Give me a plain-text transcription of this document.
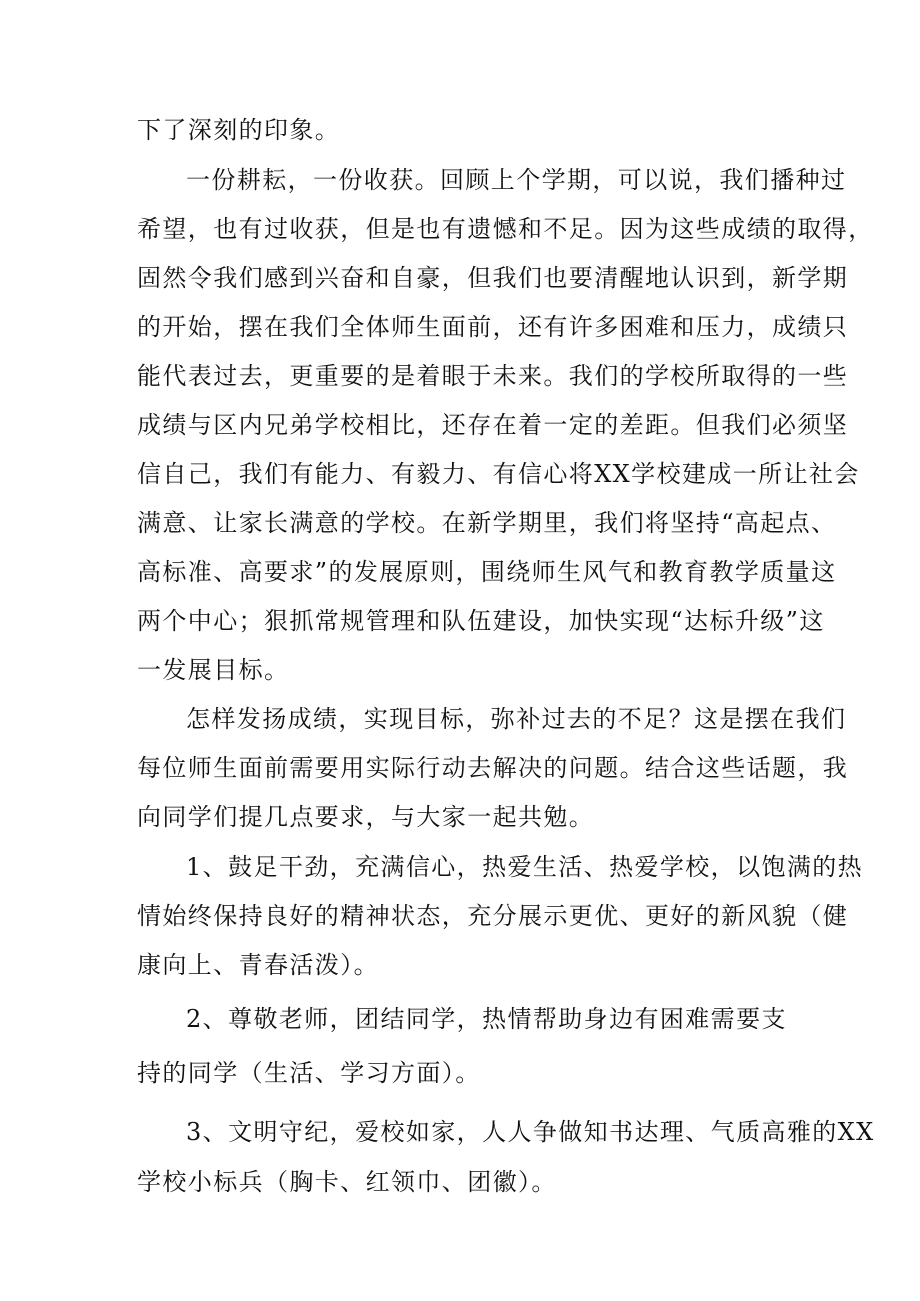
下了深刻的印象。
一份耕耘，一份收获。回顾上个学期，可以说，我们播种过
希望，也有过收获，但是也有遗憾和不足。因为这些成绩的取得，
固然令我们感到兴奋和自豪，但我们也要清醒地认识到，新学期
的开始，摆在我们全体师生面前，还有许多困难和压力，成绩只
能代表过去，更重要的是着眼于未来。我们的学校所取得的一些
成绩与区内兄弟学校相比，还存在着一定的差距。但我们必须坚
信自己，我们有能力、有毅力、有信心将XX学校建成一所让社会
满意、让家长满意的学校。在新学期里，我们将坚持“高起点、
高标准、高要求”的发展原则，围绕师生风气和教育教学质量这
两个中心；狠抓常规管理和队伍建设，加快实现“达标升级”这
一发展目标。
怎样发扬成绩，实现目标，弥补过去的不足？这是摆在我们
每位师生面前需要用实际行动去解决的问题。结合这些话题，我
向同学们提几点要求，与大家一起共勉。
1、鼓足干劲，充满信心，热爱生活、热爱学校，以饱满的热
情始终保持良好的精神状态，充分展示更优、更好的新风貌（健
康向上、青春活泼）。
2、尊敬老师，团结同学，热情帮助身边有困难需要支
持的同学（生活、学习方面）。
3、文明守纪，爱校如家，人人争做知书达理、气质高雅的XX
学校小标兵（胸卡、红领巾、团徽）。
